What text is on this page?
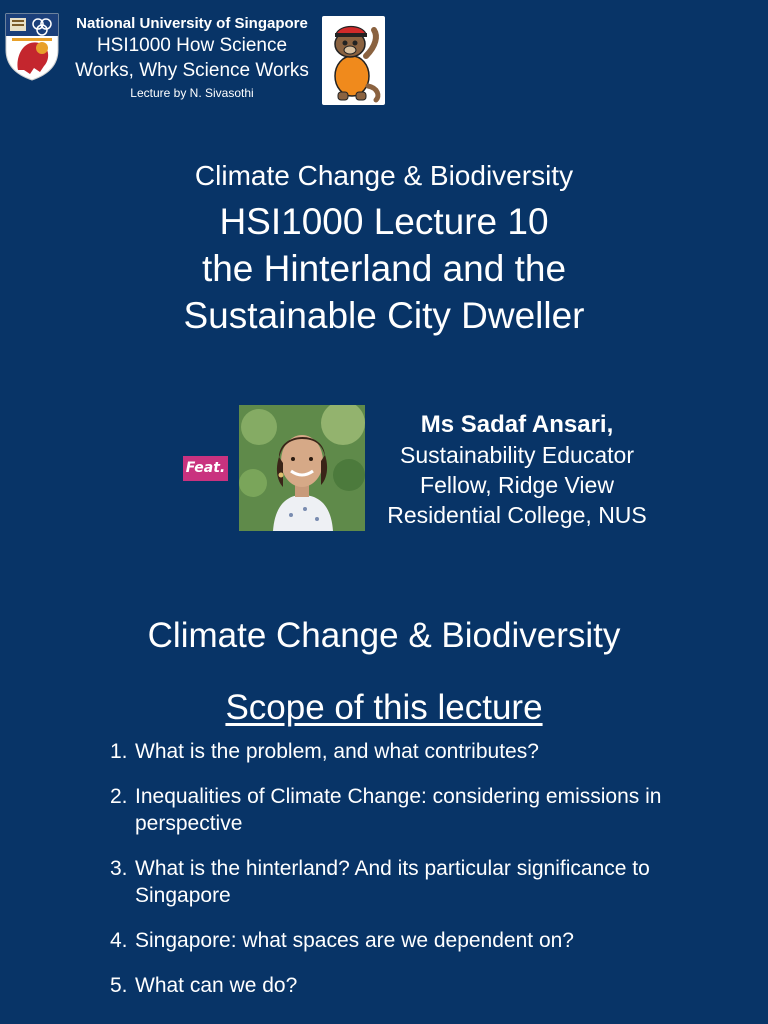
National University of Singapore
HSI1000 How Science
Works, Why Science Works
Lecture by N. Sivasothi
Climate Change & Biodiversity
HSI1000 Lecture 10
the Hinterland and the
Sustainable City Dweller
Feat.
Ms Sadaf Ansari,
Sustainability Educator
Fellow, Ridge View
Residential College, NUS
Climate Change & Biodiversity
Scope of this lecture
1. What is the problem, and what contributes?
2. Inequalities of Climate Change: considering emissions in perspective
3. What is the hinterland? And its particular significance to Singapore
4. Singapore: what spaces are we dependent on?
5. What can we do?
